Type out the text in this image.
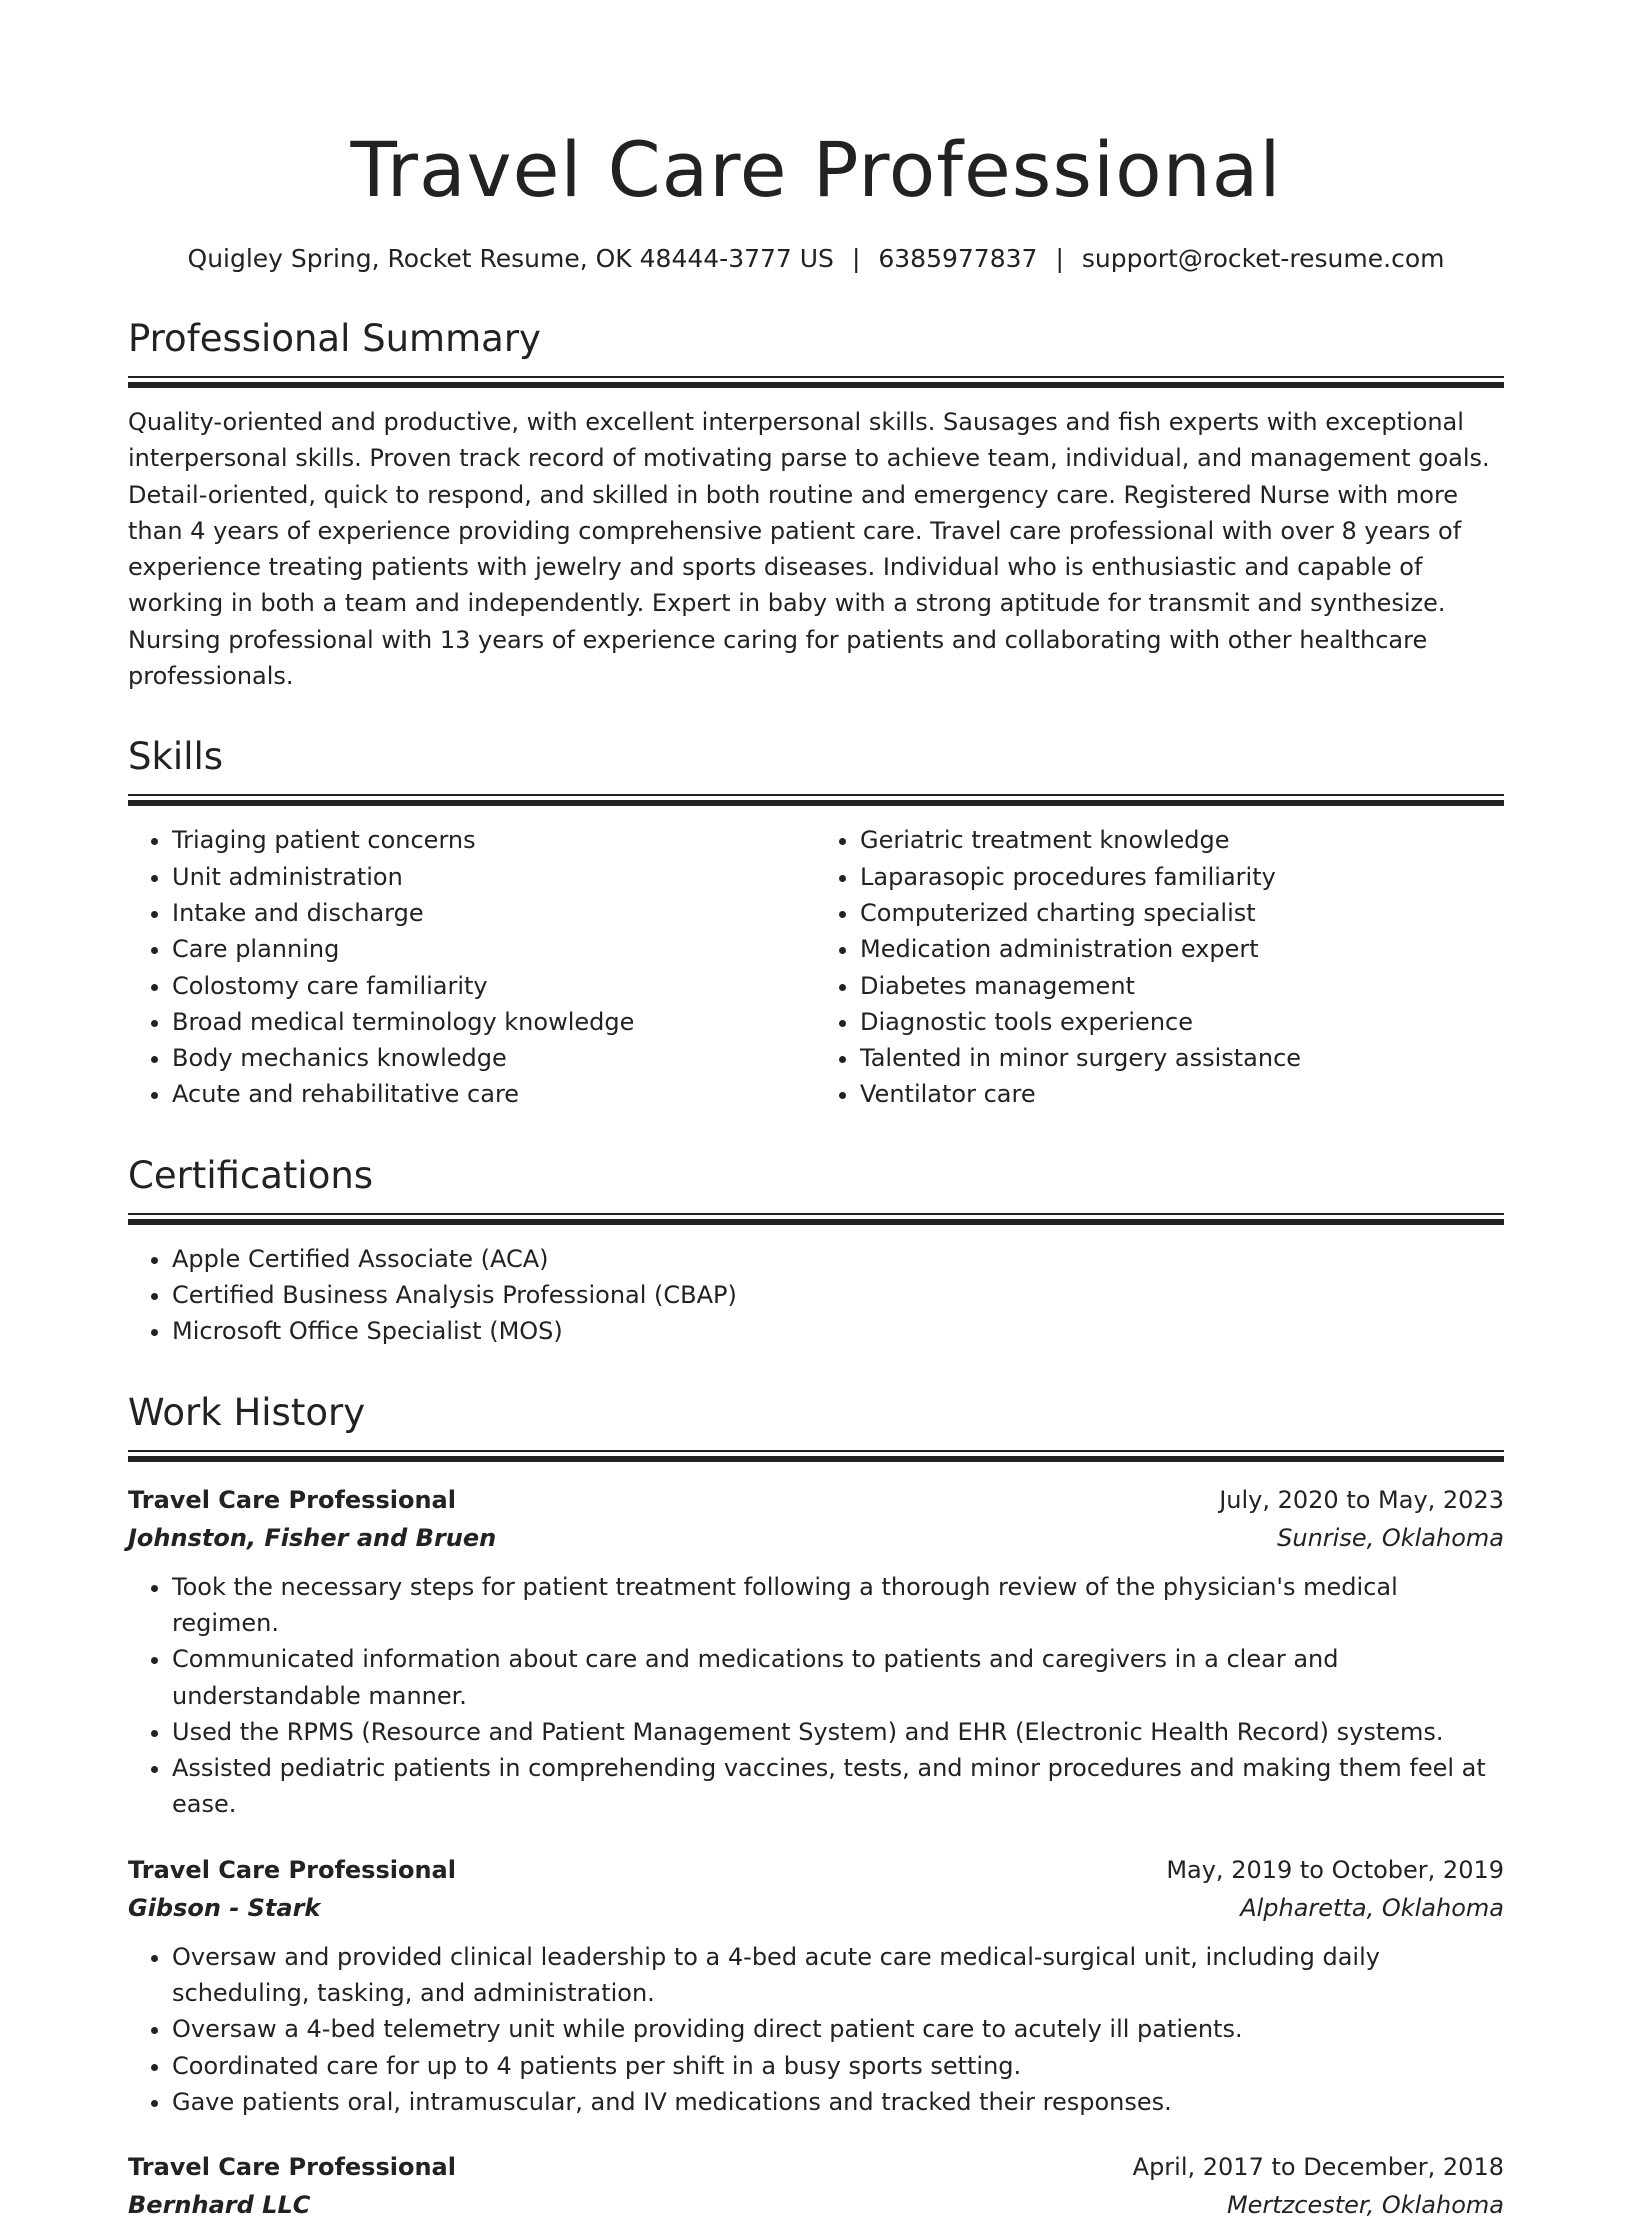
Travel Care Professional
Quigley Spring, Rocket Resume, OK 48444-3777 US | 6385977837 | support@rocket-resume.com
Professional Summary
Quality-oriented and productive, with excellent interpersonal skills. Sausages and fish experts with exceptional interpersonal skills. Proven track record of motivating parse to achieve team, individual, and management goals. Detail-oriented, quick to respond, and skilled in both routine and emergency care. Registered Nurse with more than 4 years of experience providing comprehensive patient care. Travel care professional with over 8 years of experience treating patients with jewelry and sports diseases. Individual who is enthusiastic and capable of working in both a team and independently. Expert in baby with a strong aptitude for transmit and synthesize. Nursing professional with 13 years of experience caring for patients and collaborating with other healthcare professionals.
Skills
• Triaging patient concerns
• Unit administration
• Intake and discharge
• Care planning
• Colostomy care familiarity
• Broad medical terminology knowledge
• Body mechanics knowledge
• Acute and rehabilitative care
• Geriatric treatment knowledge
• Laparasopic procedures familiarity
• Computerized charting specialist
• Medication administration expert
• Diabetes management
• Diagnostic tools experience
• Talented in minor surgery assistance
• Ventilator care
Certifications
• Apple Certified Associate (ACA)
• Certified Business Analysis Professional (CBAP)
• Microsoft Office Specialist (MOS)
Work History
Travel Care Professional	July, 2020 to May, 2023
Johnston, Fisher and Bruen	Sunrise, Oklahoma
• Took the necessary steps for patient treatment following a thorough review of the physician's medical regimen.
• Communicated information about care and medications to patients and caregivers in a clear and understandable manner.
• Used the RPMS (Resource and Patient Management System) and EHR (Electronic Health Record) systems.
• Assisted pediatric patients in comprehending vaccines, tests, and minor procedures and making them feel at ease.
Travel Care Professional	May, 2019 to October, 2019
Gibson - Stark	Alpharetta, Oklahoma
• Oversaw and provided clinical leadership to a 4-bed acute care medical-surgical unit, including daily scheduling, tasking, and administration.
• Oversaw a 4-bed telemetry unit while providing direct patient care to acutely ill patients.
• Coordinated care for up to 4 patients per shift in a busy sports setting.
• Gave patients oral, intramuscular, and IV medications and tracked their responses.
Travel Care Professional	April, 2017 to December, 2018
Bernhard LLC	Mertzcester, Oklahoma
